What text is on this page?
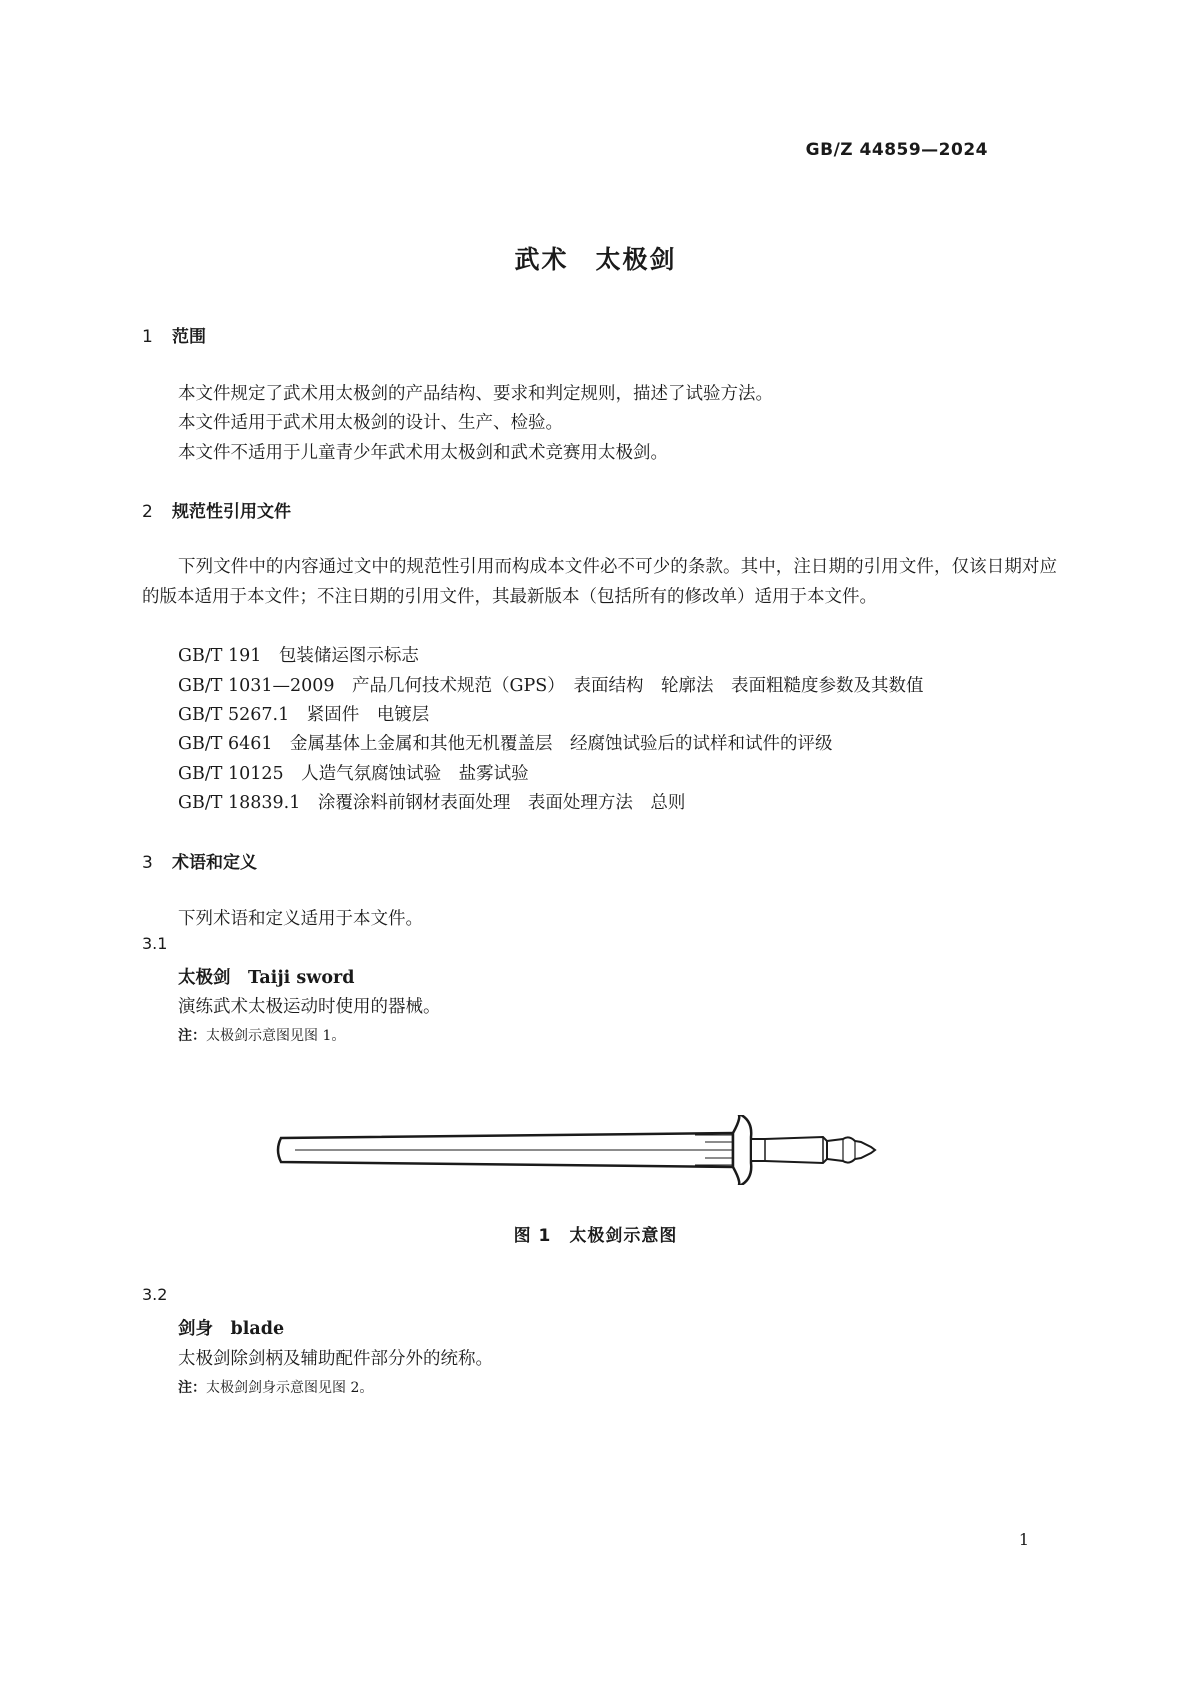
GB/Z 44859—2024
武术　太极剑
1 范围
本文件规定了武术用太极剑的产品结构、要求和判定规则，描述了试验方法。
本文件适用于武术用太极剑的设计、生产、检验。
本文件不适用于儿童青少年武术用太极剑和武术竞赛用太极剑。
2 规范性引用文件
下列文件中的内容通过文中的规范性引用而构成本文件必不可少的条款。其中，注日期的引用文件，仅该日期对应的版本适用于本文件；不注日期的引用文件，其最新版本（包括所有的修改单）适用于本文件。
GB/T 191　 包装储运图示标志
GB/T 1031—2009　 产品几何技术规范（GPS）　表面结构　轮廓法　表面粗糙度参数及其数值
GB/T 5267.1　 紧固件　电镀层
GB/T 6461　 金属基体上金属和其他无机覆盖层　经腐蚀试验后的试样和试件的评级
GB/T 10125　 人造气氛腐蚀试验　盐雾试验
GB/T 18839.1　 涂覆涂料前钢材表面处理　表面处理方法　总则
3 术语和定义
下列术语和定义适用于本文件。
3.1
太极剑　 Taiji sword
演练武术太极运动时使用的器械。
注：太极剑示意图见图 1。
图 1　太极剑示意图
3.2
剑身　 blade
太极剑除剑柄及辅助配件部分外的统称。
注：太极剑剑身示意图见图 2。
1
